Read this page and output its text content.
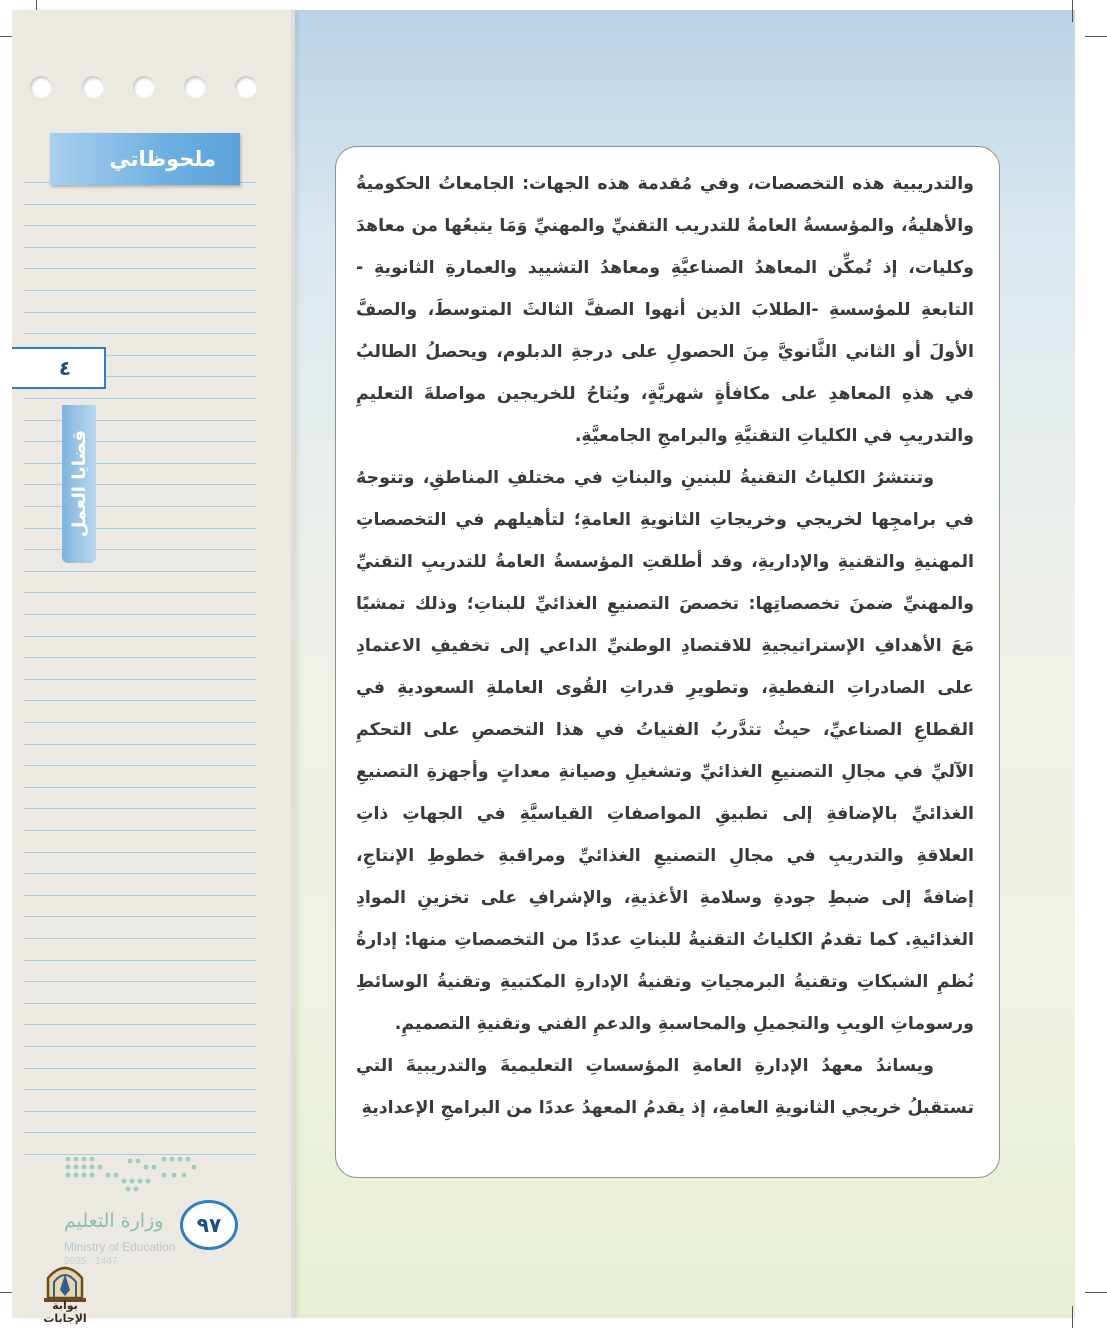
ملحوظاتي
٤
قضايا العمل
وزارة التعليم
Ministry of Education
2025 - 1447
٩٧
بوابة الإجابات

والتدريبية هذه التخصصات، وفي مُقدمة هذه الجهات: الجامعاتُ الحكوميةُ والأهليةُ، والمؤسسةُ العامةُ للتدريب التقنيِّ والمهنيِّ وَمَا يتبعُها من معاهدَ وكليات، إذ تُمكِّن المعاهدُ الصناعيَّةِ ومعاهدُ التشييد والعمارةِ الثانويةِ - التابعةِ للمؤسسةِ -الطلابَ الذين أنهوا الصفَّ الثالثَ المتوسطَ، والصفَّ الأولَ أو الثاني الثَّانويَّ مِنَ الحصولِ على درجةِ الدبلوم، ويحصلُ الطالبُ في هذهِ المعاهدِ على مكافأةٍ شهريَّةٍ، ويُتاحُ للخريجين مواصلةَ التعليمِ والتدريبِ في الكلياتِ التقنيَّةِ والبرامجِ الجامعيَّةِ.

وتنتشرُ الكلياتُ التقنيةُ للبنينِ والبناتِ في مختلفِ المناطقِ، وتتوجهُ في برامجِها لخريجي وخريجاتِ الثانويةِ العامةِ؛ لتأهيلهم في التخصصاتِ المهنيةِ والتقنيةِ والإداريةِ، وقد أطلقتِ المؤسسةُ العامةُ للتدريبِ التقنيِّ والمهنيِّ ضمنَ تخصصاتِها: تخصصَ التصنيعِ الغذائيِّ للبناتِ؛ وذلك تمشيًا مَعَ الأهدافِ الإستراتيجيةِ للاقتصادِ الوطنيِّ الداعي إلى تخفيفِ الاعتمادِ على الصادراتِ النفطيةِ، وتطويرِ قدراتِ القُوى العاملةِ السعوديةِ في القطاعِ الصناعيِّ، حيثُ تتدَّربُ الفتياتُ في هذا التخصصِ على التحكمِ الآليِّ في مجالِ التصنيعِ الغذائيِّ وتشغيلِ وصيانةِ معداتٍ وأجهزةِ التصنيعِ الغذائيِّ بالإضافةِ إلى تطبيقِ المواصفاتِ القياسيَّةِ في الجهاتِ ذاتِ العلاقةِ والتدريبِ في مجالِ التصنيعِ الغذائيِّ ومراقبةِ خطوطِ الإنتاجِ، إضافةً إلى ضبطِ جودةِ وسلامةِ الأغذيةِ، والإشرافِ على تخزينِ الموادِ الغذائيةِ. كما تقدمُ الكلياتُ التقنيةُ للبناتِ عددًا من التخصصاتِ منها: إدارةُ نُظمِ الشبكاتِ وتقنيةُ البرمجياتِ وتقنيةُ الإدارةِ المكتبيةِ وتقنيةُ الوسائطِ ورسوماتِ الويبِ والتجميلِ والمحاسبةِ والدعمِ الفني وتقنيةِ التصميمِ.

ويساندُ معهدُ الإدارةِ العامةِ المؤسساتِ التعليميةَ والتدريبيةَ التي تستقبلُ خريجي الثانويةِ العامةِ، إذ يقدمُ المعهدُ عددًا من البرامجِ الإعداديةِ
